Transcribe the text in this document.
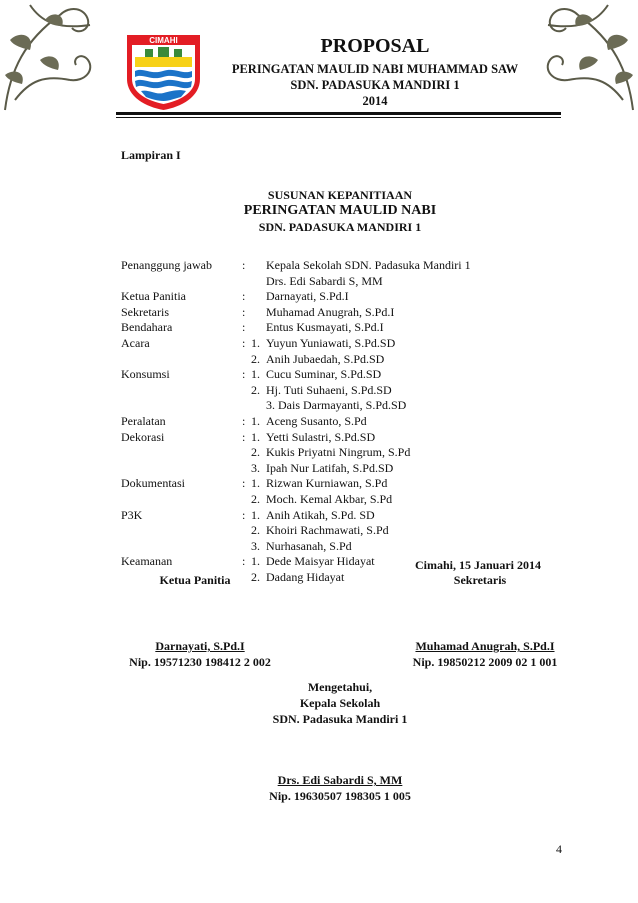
CIMAHI	PROPOSAL
PERINGATAN MAULID NABI MUHAMMAD SAW
SDN. PADASUKA MANDIRI 1
2014
Lampiran I
SUSUNAN KEPANITIAAN
PERINGATAN MAULID NABI
SDN. PADASUKA MANDIRI 1
Penanggung jawab	:	Kepala Sekolah SDN. Padasuka Mandiri 1
Drs. Edi Sabardi S, MM
Ketua Panitia	:	Darnayati, S.Pd.I
Sekretaris	:	Muhamad Anugrah, S.Pd.I
Bendahara	:	Entus Kusmayati, S.Pd.I
Acara	: 1. Yuyun Yuniawati, S.Pd.SD
2. Anih Jubaedah, S.Pd.SD
Konsumsi	: 1. Cucu Suminar, S.Pd.SD
2. Hj. Tuti Suhaeni, S.Pd.SD
3. Dais Darmayanti, S.Pd.SD
Peralatan	: 1. Aceng Susanto, S.Pd
Dekorasi	: 1. Yetti Sulastri, S.Pd.SD
2. Kukis Priyatni Ningrum, S.Pd
3. Ipah Nur Latifah, S.Pd.SD
Dokumentasi	: 1. Rizwan Kurniawan, S.Pd
2. Moch. Kemal Akbar, S.Pd
P3K	: 1. Anih Atikah, S.Pd. SD
2. Khoiri Rachmawati, S.Pd
3. Nurhasanah, S.Pd
Keamanan	: 1. Dede Maisyar Hidayat
2. Dadang Hidayat
Cimahi, 15 Januari 2014
Ketua Panitia	Sekretaris
Darnayati, S.Pd.I
Nip. 19571230 198412 2 002
Muhamad Anugrah, S.Pd.I
Nip. 19850212 2009 02 1 001
Mengetahui,
Kepala Sekolah
SDN. Padasuka Mandiri 1
Drs. Edi Sabardi S, MM
Nip. 19630507 198305 1 005
4
